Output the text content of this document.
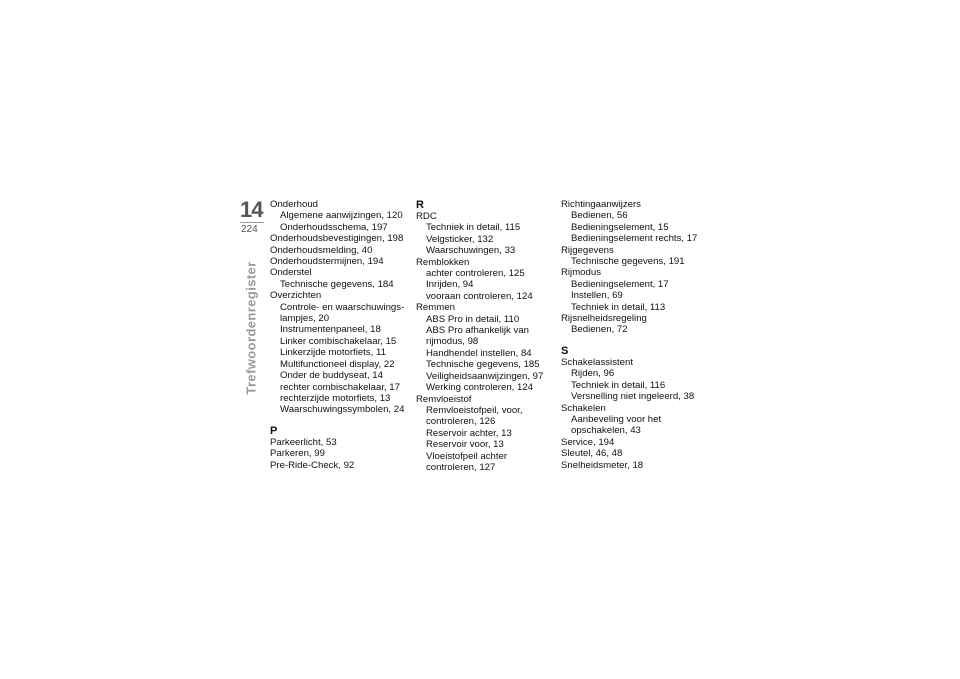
14
224
Trefwoordenregister
Onderhoud
Algemene aanwijzingen, 120
Onderhoudsschema, 197
Onderhoudsbevestigingen, 198
Onderhoudsmelding, 40
Onderhoudstermijnen, 194
Onderstel
Technische gegevens, 184
Overzichten
Controle- en waarschuwings-
lampjes, 20
Instrumentenpaneel, 18
Linker combischakelaar, 15
Linkerzijde motorfiets, 11
Multifunctioneel display, 22
Onder de buddyseat, 14
rechter combischakelaar, 17
rechterzijde motorfiets, 13
Waarschuwingssymbolen, 24
P
Parkeerlicht, 53
Parkeren, 99
Pre-Ride-Check, 92
R
RDC
Techniek in detail, 115
Velgsticker, 132
Waarschuwingen, 33
Remblokken
achter controleren, 125
Inrijden, 94
vooraan controleren, 124
Remmen
ABS Pro in detail, 110
ABS Pro afhankelijk van
rijmodus, 98
Handhendel instellen, 84
Technische gegevens, 185
Veiligheidsaanwijzingen, 97
Werking controleren, 124
Remvloeistof
Remvloeistofpeil, voor,
controleren, 126
Reservoir achter, 13
Reservoir voor, 13
Vloeistofpeil achter
controleren, 127
Richtingaanwijzers
Bedienen, 56
Bedieningselement, 15
Bedieningselement rechts, 17
Rijgegevens
Technische gegevens, 191
Rijmodus
Bedieningselement, 17
Instellen, 69
Techniek in detail, 113
Rijsnelheidsregeling
Bedienen, 72
S
Schakelassistent
Rijden, 96
Techniek in detail, 116
Versnelling niet ingeleerd, 38
Schakelen
Aanbeveling voor het
opschakelen, 43
Service, 194
Sleutel, 46, 48
Snelheidsmeter, 18
